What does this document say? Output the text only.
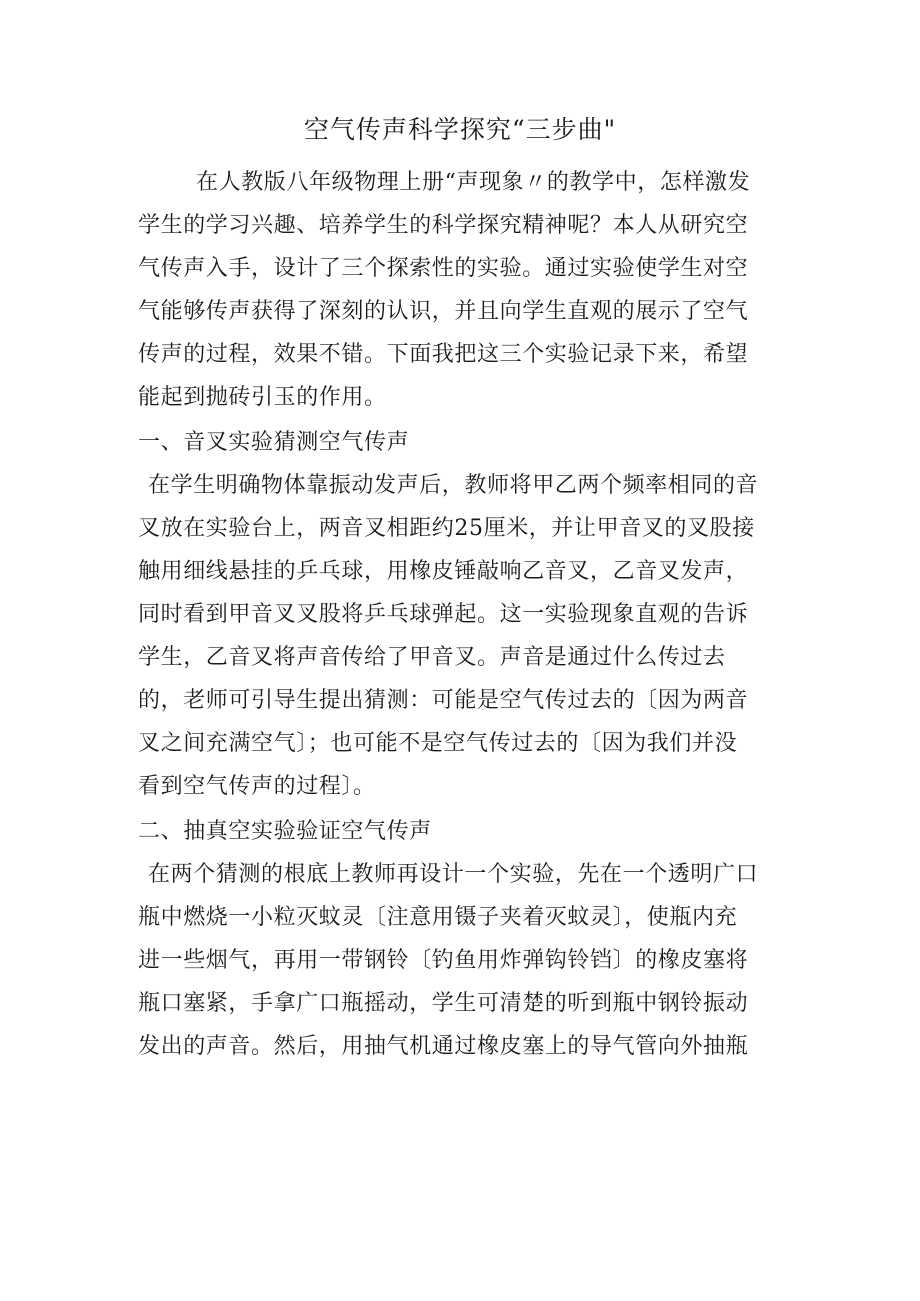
空气传声科学探究“三步曲"
在人教版八年级物理上册“声现象〃的教学中，怎样激发
学生的学习兴趣、培养学生的科学探究精神呢？本人从研究空
气传声入手，设计了三个探索性的实验。通过实验使学生对空
气能够传声获得了深刻的认识，并且向学生直观的展示了空气
传声的过程，效果不错。下面我把这三个实验记录下来，希望
能起到抛砖引玉的作用。
一、音叉实验猜测空气传声
在学生明确物体靠振动发声后，教师将甲乙两个频率相同的音
叉放在实验台上，两音叉相距约25厘米，并让甲音叉的叉股接
触用细线悬挂的乒乓球，用橡皮锤敲响乙音叉，乙音叉发声，
同时看到甲音叉叉股将乒乓球弹起。这一实验现象直观的告诉
学生，乙音叉将声音传给了甲音叉。声音是通过什么传过去
的，老师可引导生提出猜测：可能是空气传过去的〔因为两音
叉之间充满空气〕；也可能不是空气传过去的〔因为我们并没
看到空气传声的过程〕。
二、抽真空实验验证空气传声
在两个猜测的根底上教师再设计一个实验，先在一个透明广口
瓶中燃烧一小粒灭蚊灵〔注意用镊子夹着灭蚊灵〕，使瓶内充
进一些烟气，再用一带钢铃〔钓鱼用炸弹钩铃铛〕的橡皮塞将
瓶口塞紧，手拿广口瓶摇动，学生可清楚的听到瓶中钢铃振动
发出的声音。然后，用抽气机通过橡皮塞上的导气管向外抽瓶
